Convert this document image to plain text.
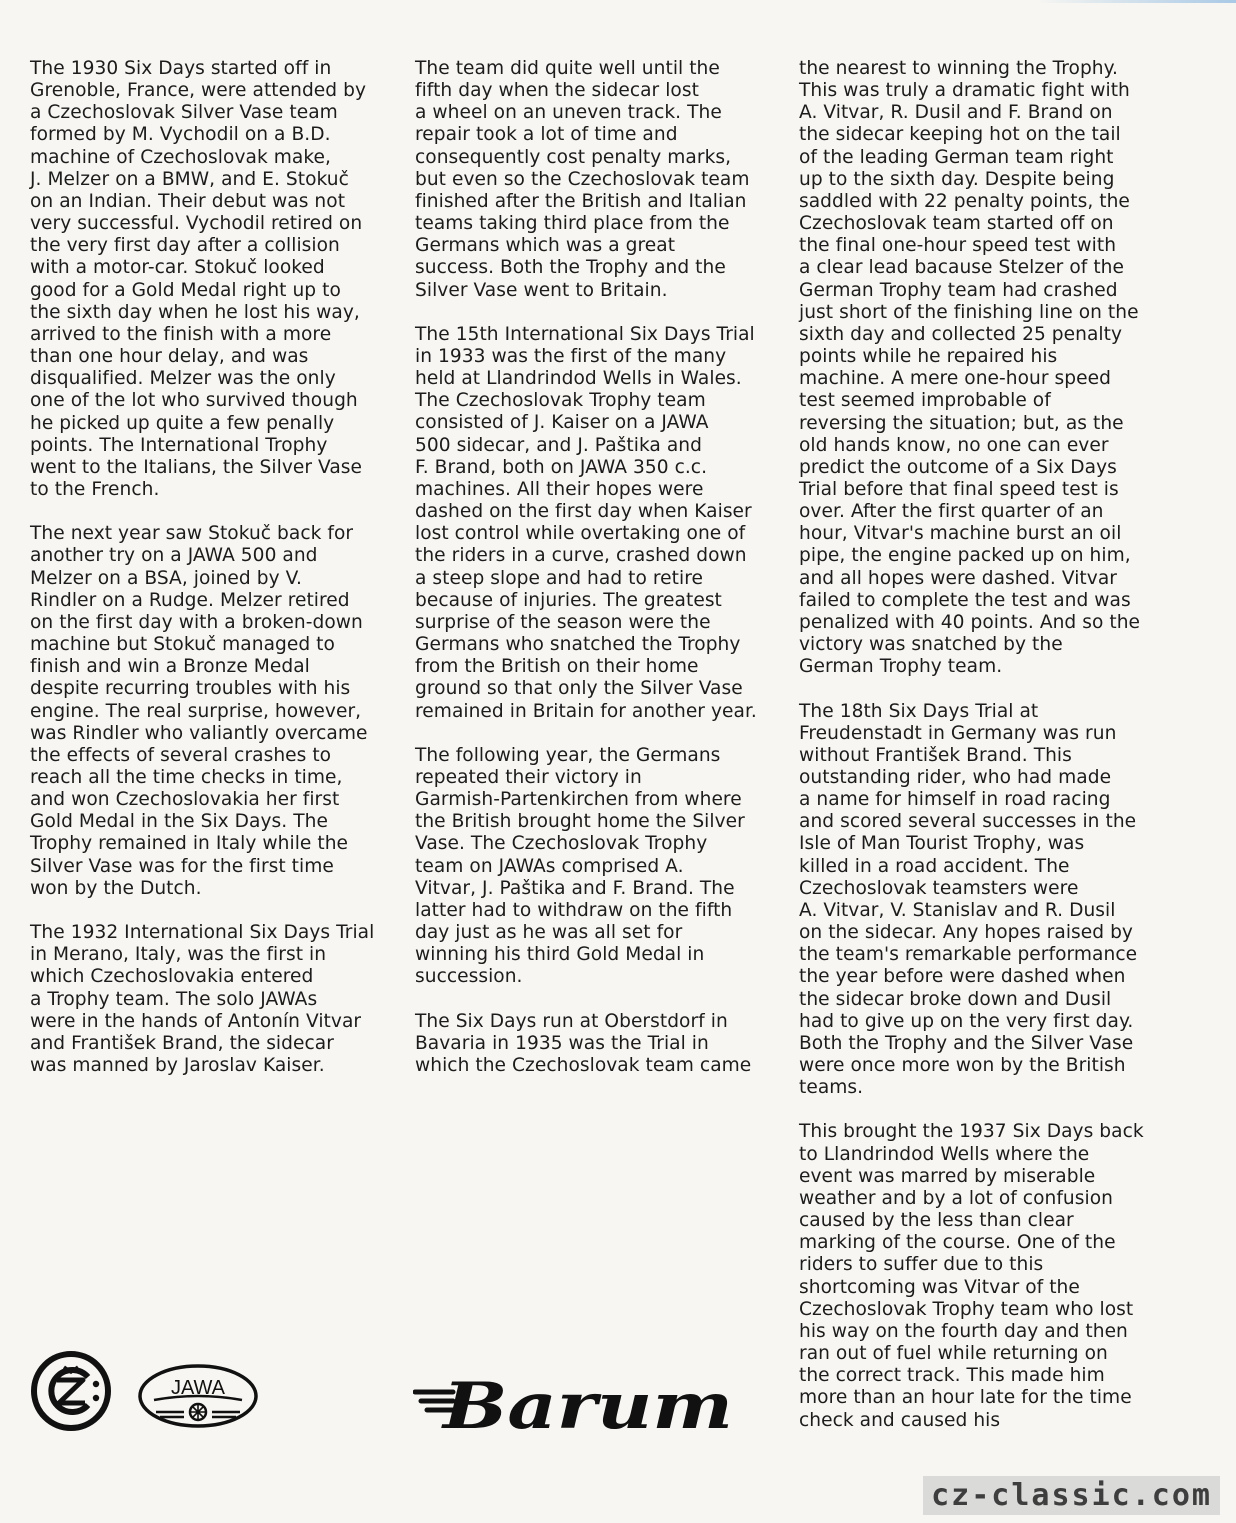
The 1930 Six Days started off in
Grenoble, France, were attended by
a Czechoslovak Silver Vase team
formed by M. Vychodil on a B.D.
machine of Czechoslovak make,
J. Melzer on a BMW, and E. Stokuč
on an Indian. Their debut was not
very successful. Vychodil retired on
the very first day after a collision
with a motor-car. Stokuč looked
good for a Gold Medal right up to
the sixth day when he lost his way,
arrived to the finish with a more
than one hour delay, and was
disqualified. Melzer was the only
one of the lot who survived though
he picked up quite a few penally
points. The International Trophy
went to the Italians, the Silver Vase
to the French.

The next year saw Stokuč back for
another try on a JAWA 500 and
Melzer on a BSA, joined by V.
Rindler on a Rudge. Melzer retired
on the first day with a broken-down
machine but Stokuč managed to
finish and win a Bronze Medal
despite recurring troubles with his
engine. The real surprise, however,
was Rindler who valiantly overcame
the effects of several crashes to
reach all the time checks in time,
and won Czechoslovakia her first
Gold Medal in the Six Days. The
Trophy remained in Italy while the
Silver Vase was for the first time
won by the Dutch.

The 1932 International Six Days Trial
in Merano, Italy, was the first in
which Czechoslovakia entered
a Trophy team. The solo JAWAs
were in the hands of Antonín Vitvar
and František Brand, the sidecar
was manned by Jaroslav Kaiser.

The team did quite well until the
fifth day when the sidecar lost
a wheel on an uneven track. The
repair took a lot of time and
consequently cost penalty marks,
but even so the Czechoslovak team
finished after the British and Italian
teams taking third place from the
Germans which was a great
success. Both the Trophy and the
Silver Vase went to Britain.

The 15th International Six Days Trial
in 1933 was the first of the many
held at Llandrindod Wells in Wales.
The Czechoslovak Trophy team
consisted of J. Kaiser on a JAWA
500 sidecar, and J. Paštika and
F. Brand, both on JAWA 350 c.c.
machines. All their hopes were
dashed on the first day when Kaiser
lost control while overtaking one of
the riders in a curve, crashed down
a steep slope and had to retire
because of injuries. The greatest
surprise of the season were the
Germans who snatched the Trophy
from the British on their home
ground so that only the Silver Vase
remained in Britain for another year.

The following year, the Germans
repeated their victory in
Garmish-Partenkirchen from where
the British brought home the Silver
Vase. The Czechoslovak Trophy
team on JAWAs comprised A.
Vitvar, J. Paštika and F. Brand. The
latter had to withdraw on the fifth
day just as he was all set for
winning his third Gold Medal in
succession.

The Six Days run at Oberstdorf in
Bavaria in 1935 was the Trial in
which the Czechoslovak team came

the nearest to winning the Trophy.
This was truly a dramatic fight with
A. Vitvar, R. Dusil and F. Brand on
the sidecar keeping hot on the tail
of the leading German team right
up to the sixth day. Despite being
saddled with 22 penalty points, the
Czechoslovak team started off on
the final one-hour speed test with
a clear lead bacause Stelzer of the
German Trophy team had crashed
just short of the finishing line on the
sixth day and collected 25 penalty
points while he repaired his
machine. A mere one-hour speed
test seemed improbable of
reversing the situation; but, as the
old hands know, no one can ever
predict the outcome of a Six Days
Trial before that final speed test is
over. After the first quarter of an
hour, Vitvar's machine burst an oil
pipe, the engine packed up on him,
and all hopes were dashed. Vitvar
failed to complete the test and was
penalized with 40 points. And so the
victory was snatched by the
German Trophy team.

The 18th Six Days Trial at
Freudenstadt in Germany was run
without František Brand. This
outstanding rider, who had made
a name for himself in road racing
and scored several successes in the
Isle of Man Tourist Trophy, was
killed in a road accident. The
Czechoslovak teamsters were
A. Vitvar, V. Stanislav and R. Dusil
on the sidecar. Any hopes raised by
the team's remarkable performance
the year before were dashed when
the sidecar broke down and Dusil
had to give up on the very first day.
Both the Trophy and the Silver Vase
were once more won by the British
teams.

This brought the 1937 Six Days back
to Llandrindod Wells where the
event was marred by miserable
weather and by a lot of confusion
caused by the less than clear
marking of the course. One of the
riders to suffer due to this
shortcoming was Vitvar of the
Czechoslovak Trophy team who lost
his way on the fourth day and then
ran out of fuel while returning on
the correct track. This made him
more than an hour late for the time
check and caused his

JAWA	Barum
cz-classic.com
